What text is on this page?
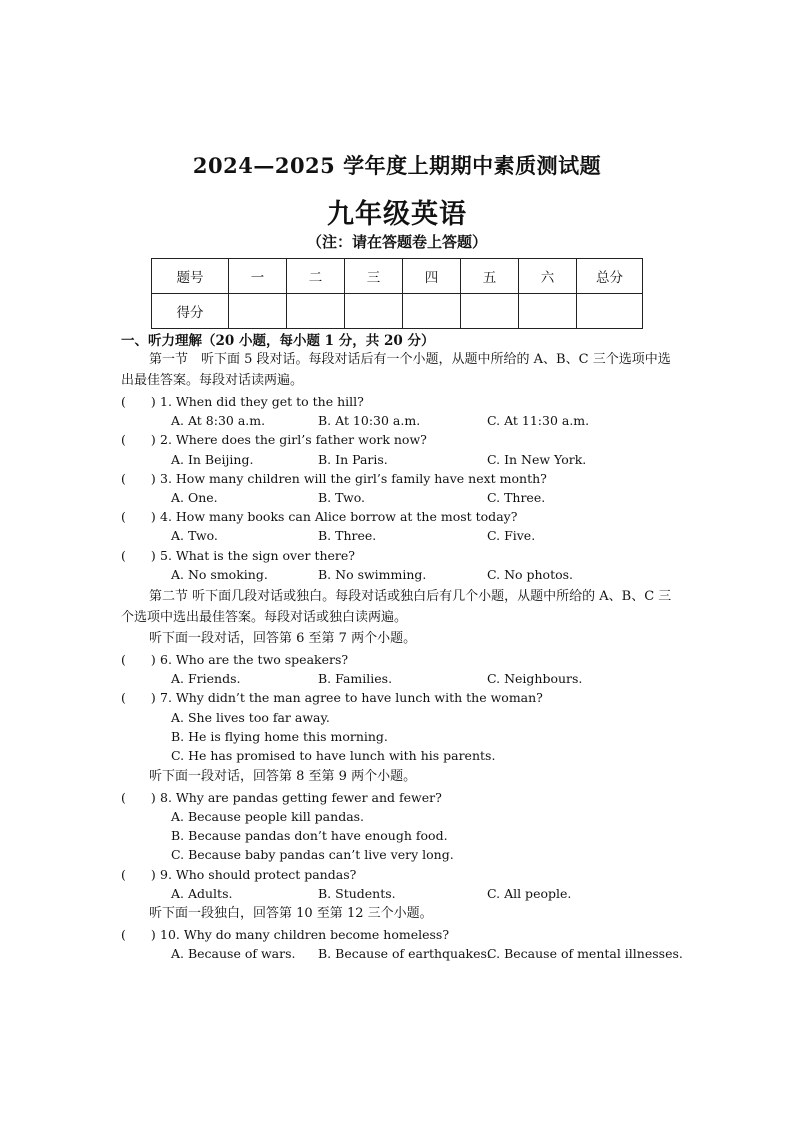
2024—2025 学年度上期期中素质测试题
九年级英语
（注：请在答题卷上答题）
题号	一	二	三	四	五	六	总分
得分							
一、听力理解（20 小题，每小题 1 分，共 20 分）
第一节　听下面 5 段对话。每段对话后有一个小题，从题中所给的 A、B、C 三个选项中选出最佳答案。每段对话读两遍。
(　　) 1. When did they get to the hill?
A. At 8:30 a.m.	B. At 10:30 a.m.	C. At 11:30 a.m.
(　　) 2. Where does the girl’s father work now?
A. In Beijing.	B. In Paris.	C. In New York.
(　　) 3. How many children will the girl’s family have next month?
A. One.	B. Two.	C. Three.
(　　) 4. How many books can Alice borrow at the most today?
A. Two.	B. Three.	C. Five.
(　　) 5. What is the sign over there?
A. No smoking.	B. No swimming.	C. No photos.
第二节 听下面几段对话或独白。每段对话或独白后有几个小题，从题中所给的 A、B、C 三个选项中选出最佳答案。每段对话或独白读两遍。
听下面一段对话，回答第 6 至第 7 两个小题。
(　　) 6. Who are the two speakers?
A. Friends.	B. Families.	C. Neighbours.
(　　) 7. Why didn’t the man agree to have lunch with the woman?
A. She lives too far away.
B. He is flying home this morning.
C. He has promised to have lunch with his parents.
听下面一段对话，回答第 8 至第 9 两个小题。
(　　) 8. Why are pandas getting fewer and fewer?
A. Because people kill pandas.
B. Because pandas don’t have enough food.
C. Because baby pandas can’t live very long.
(　　) 9. Who should protect pandas?
A. Adults.	B. Students.	C. All people.
听下面一段独白，回答第 10 至第 12 三个小题。
(　　) 10. Why do many children become homeless?
A. Because of wars. B. Because of earthquakes.
C. Because of mental illnesses.
